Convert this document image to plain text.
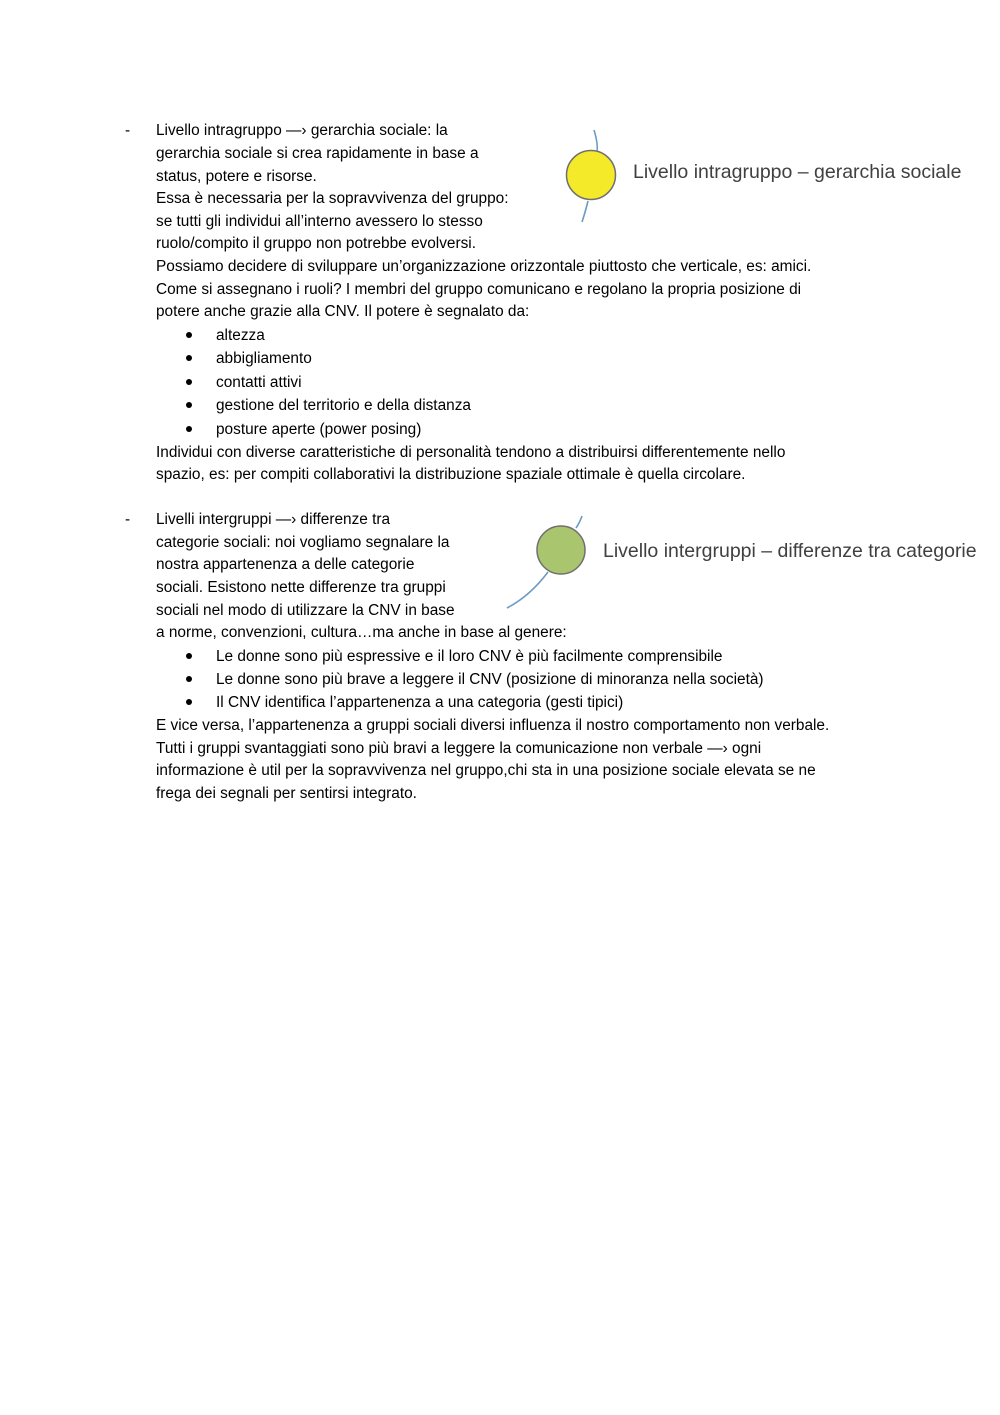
- Livello intragruppo —› gerarchia sociale: la
gerarchia sociale si crea rapidamente in base a
status, potere e risorse.
Essa è necessaria per la sopravvivenza del gruppo:
se tutti gli individui all’interno avessero lo stesso
ruolo/compito il gruppo non potrebbe evolversi.
Possiamo decidere di sviluppare un’organizzazione orizzontale piuttosto che verticale, es: amici.
Come si assegnano i ruoli? I membri del gruppo comunicano e regolano la propria posizione di
potere anche grazie alla CNV. Il potere è segnalato da:
altezza
abbigliamento
contatti attivi
gestione del territorio e della distanza
posture aperte (power posing)
Individui con diverse caratteristiche di personalità tendono a distribuirsi differentemente nello
spazio, es: per compiti collaborativi la distribuzione spaziale ottimale è quella circolare.
Livello intragruppo – gerarchia sociale
- Livelli intergruppi —› differenze tra
categorie sociali: noi vogliamo segnalare la
nostra appartenenza a delle categorie
sociali. Esistono nette differenze tra gruppi
sociali nel modo di utilizzare la CNV in base
a norme, convenzioni, cultura…ma anche in base al genere:
Le donne sono più espressive e il loro CNV è più facilmente comprensibile
Le donne sono più brave a leggere il CNV (posizione di minoranza nella società)
Il CNV identifica l’appartenenza a una categoria (gesti tipici)
E vice versa, l’appartenenza a gruppi sociali diversi influenza il nostro comportamento non verbale.
Tutti i gruppi svantaggiati sono più bravi a leggere la comunicazione non verbale —› ogni
informazione è util per la sopravvivenza nel gruppo,chi sta in una posizione sociale elevata se ne
frega dei segnali per sentirsi integrato.
Livello intergruppi – differenze tra categorie
